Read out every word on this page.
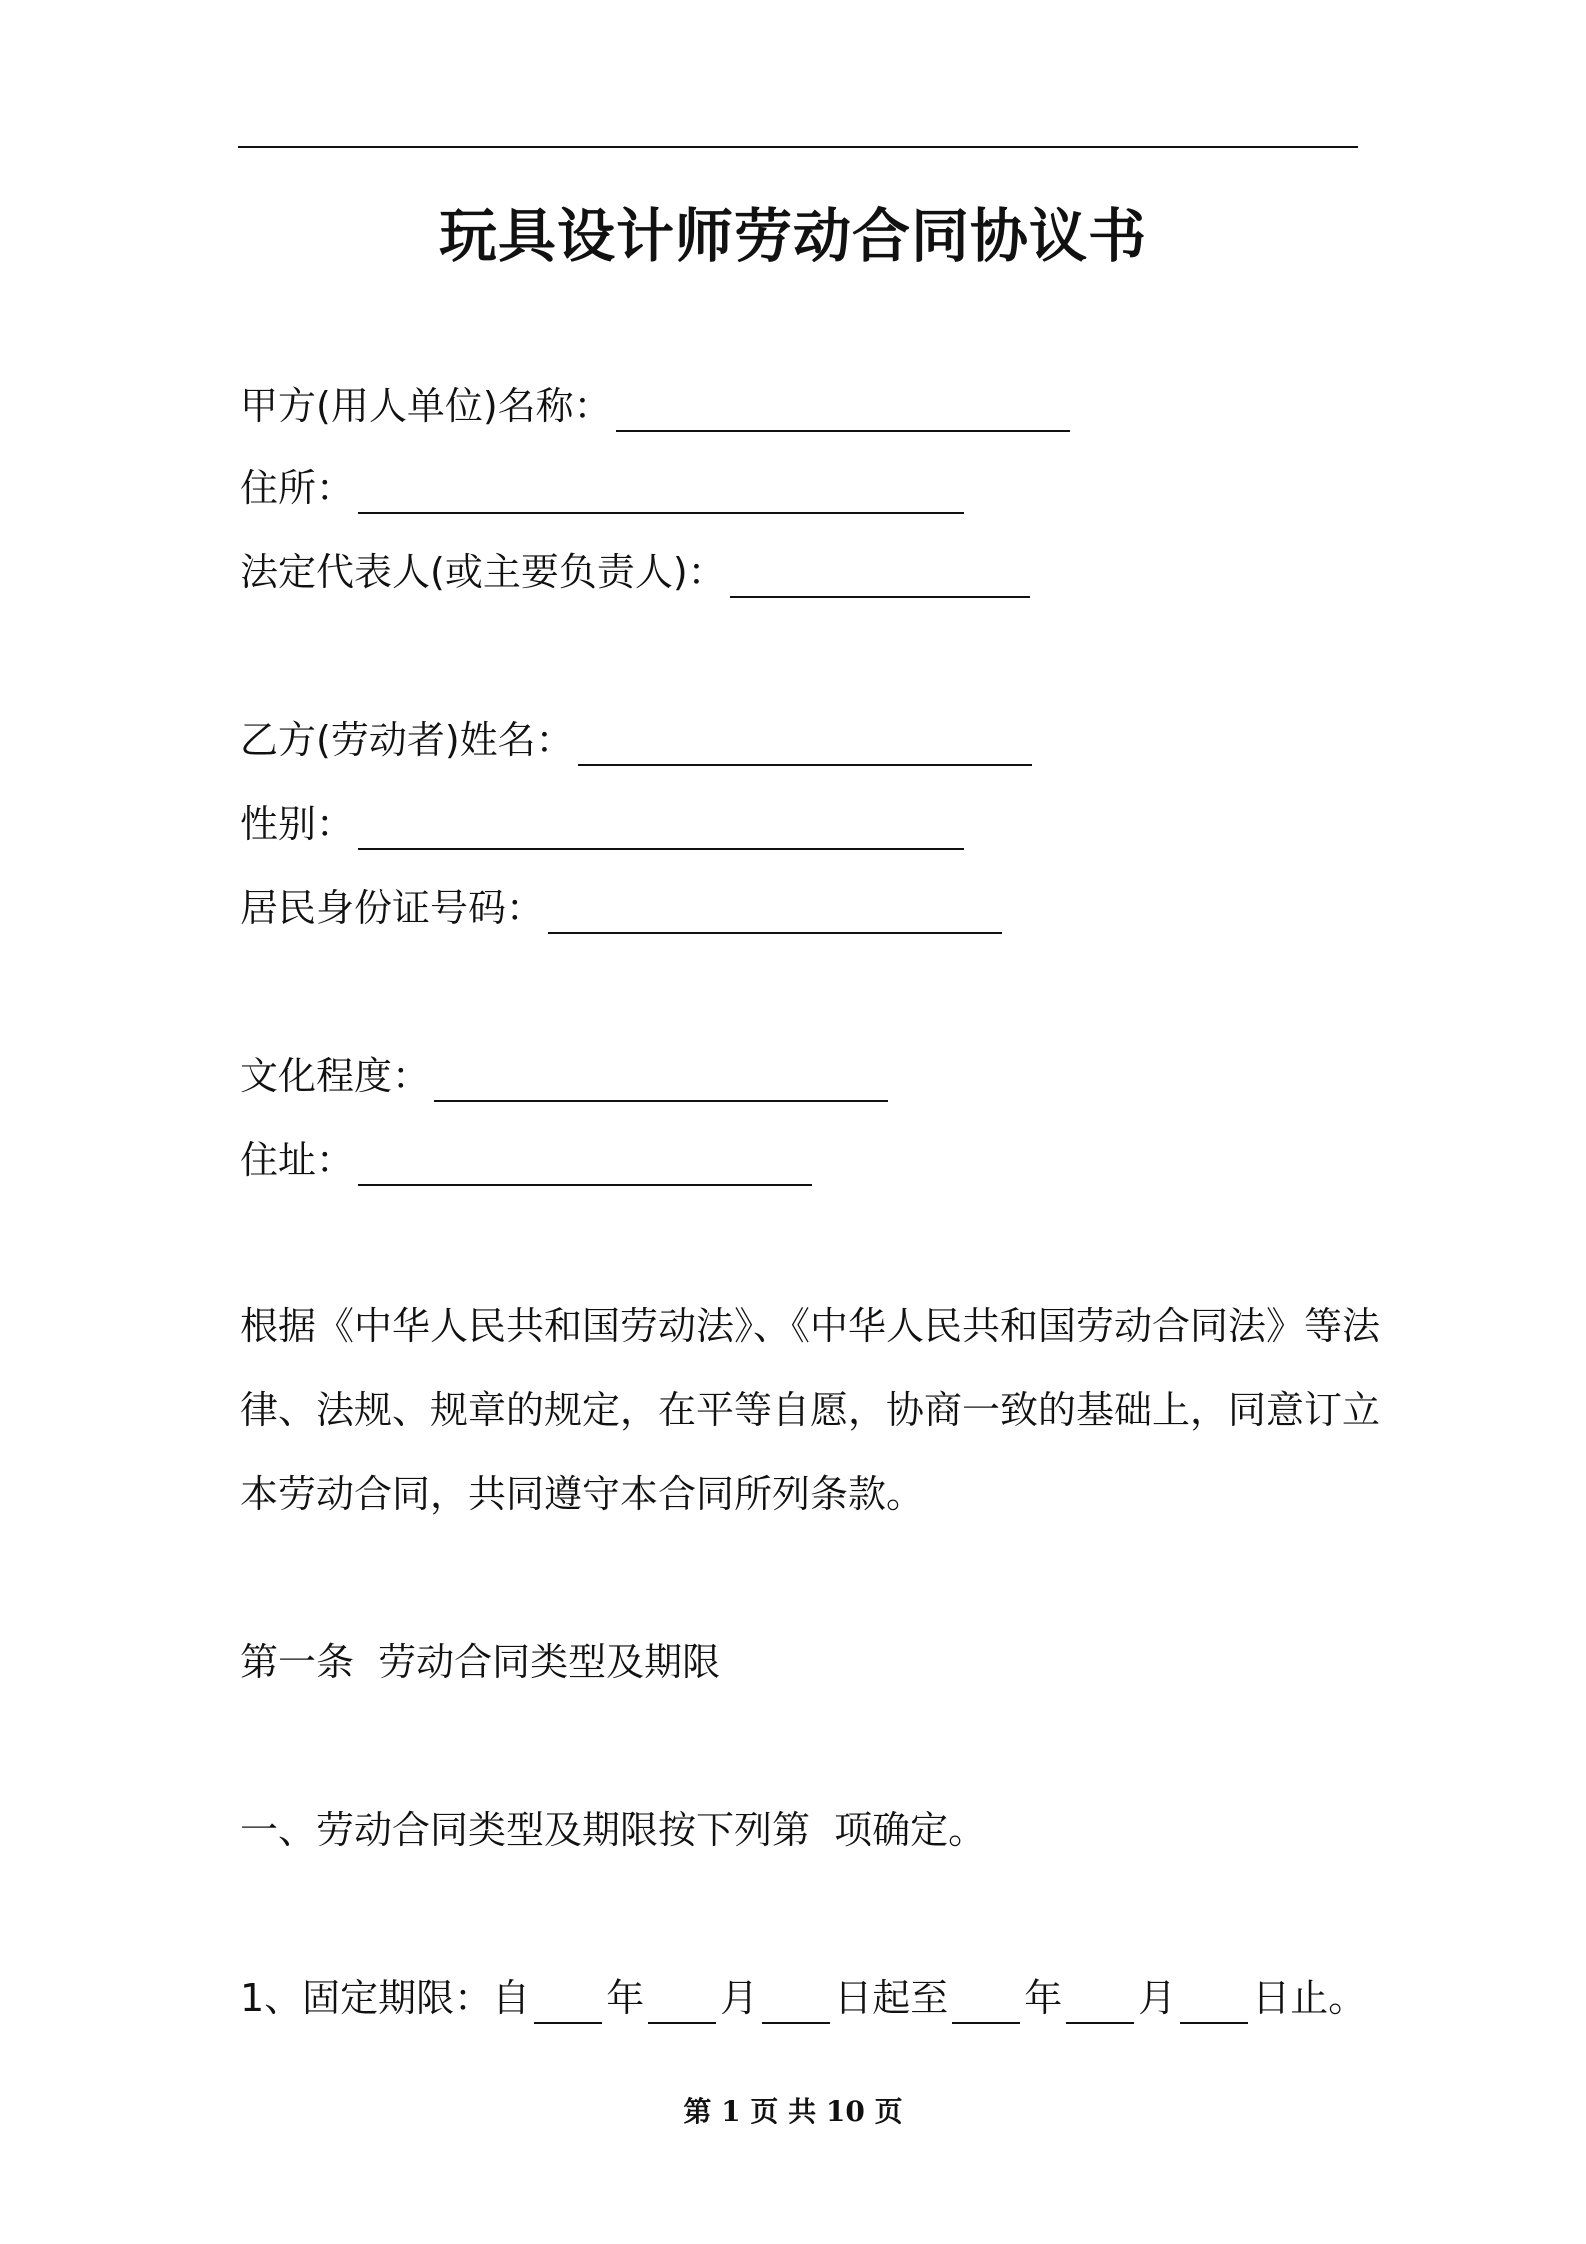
玩具设计师劳动合同协议书
甲方(用人单位)名称：
住所：
法定代表人(或主要负责人)：
乙方(劳动者)姓名：
性别：
居民身份证号码：
文化程度：
住址：
根据《中华人民共和国劳动法》、《中华人民共和国劳动合同法》等法
律、法规、规章的规定，在平等自愿，协商一致的基础上，同意订立
本劳动合同，共同遵守本合同所列条款。
第一条  劳动合同类型及期限
一、劳动合同类型及期限按下列第  项确定。
1、固定期限：自 年 月 日起至 年 月 日止。
第 1 页 共 10 页
